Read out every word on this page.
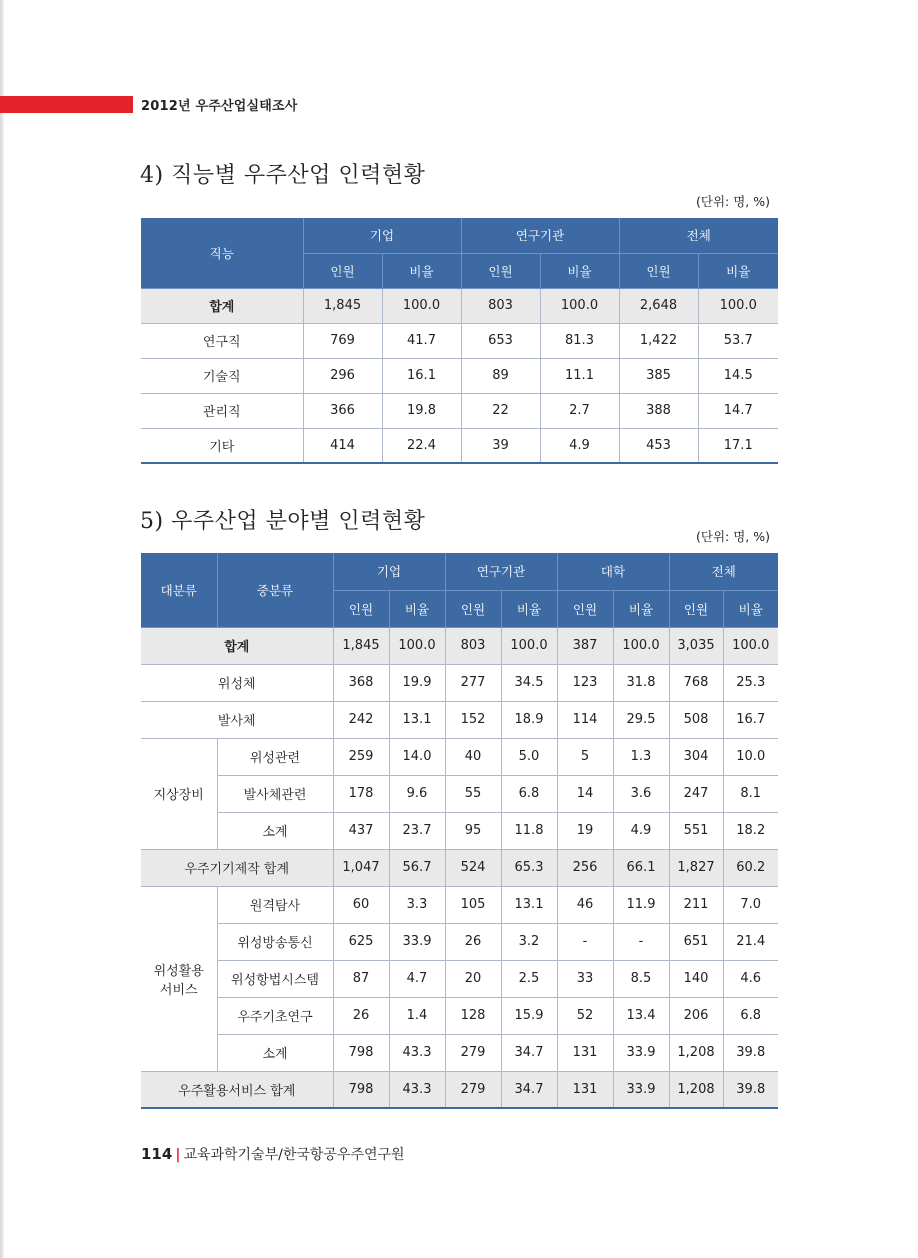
2012년 우주산업실태조사
4) 직능별 우주산업 인력현황
(단위: 명, %)
직능	기업		연구기관		전체	
	인원	비율	인원	비율	인원	비율
합계	1,845	100.0	803	100.0	2,648	100.0
연구직	769	41.7	653	81.3	1,422	53.7
기술직	296	16.1	89	11.1	385	14.5
관리직	366	19.8	22	2.7	388	14.7
기타	414	22.4	39	4.9	453	17.1
5) 우주산업 분야별 인력현황
(단위: 명, %)
대분류	중분류	기업		연구기관		대학		전체	
		인원	비율	인원	비율	인원	비율	인원	비율
합계		1,845	100.0	803	100.0	387	100.0	3,035	100.0
위성체		368	19.9	277	34.5	123	31.8	768	25.3
발사체		242	13.1	152	18.9	114	29.5	508	16.7
지상장비	위성관련	259	14.0	40	5.0	5	1.3	304	10.0
	발사체관련	178	9.6	55	6.8	14	3.6	247	8.1
	소계	437	23.7	95	11.8	19	4.9	551	18.2
우주기기제작 합계		1,047	56.7	524	65.3	256	66.1	1,827	60.2
위성활용
서비스	원격탐사	60	3.3	105	13.1	46	11.9	211	7.0
	위성방송통신	625	33.9	26	3.2	-	-	651	21.4
	위성항법시스템	87	4.7	20	2.5	33	8.5	140	4.6
	우주기초연구	26	1.4	128	15.9	52	13.4	206	6.8
	소계	798	43.3	279	34.7	131	33.9	1,208	39.8
우주활용서비스 합계		798	43.3	279	34.7	131	33.9	1,208	39.8
114 | 교육과학기술부/한국항공우주연구원
